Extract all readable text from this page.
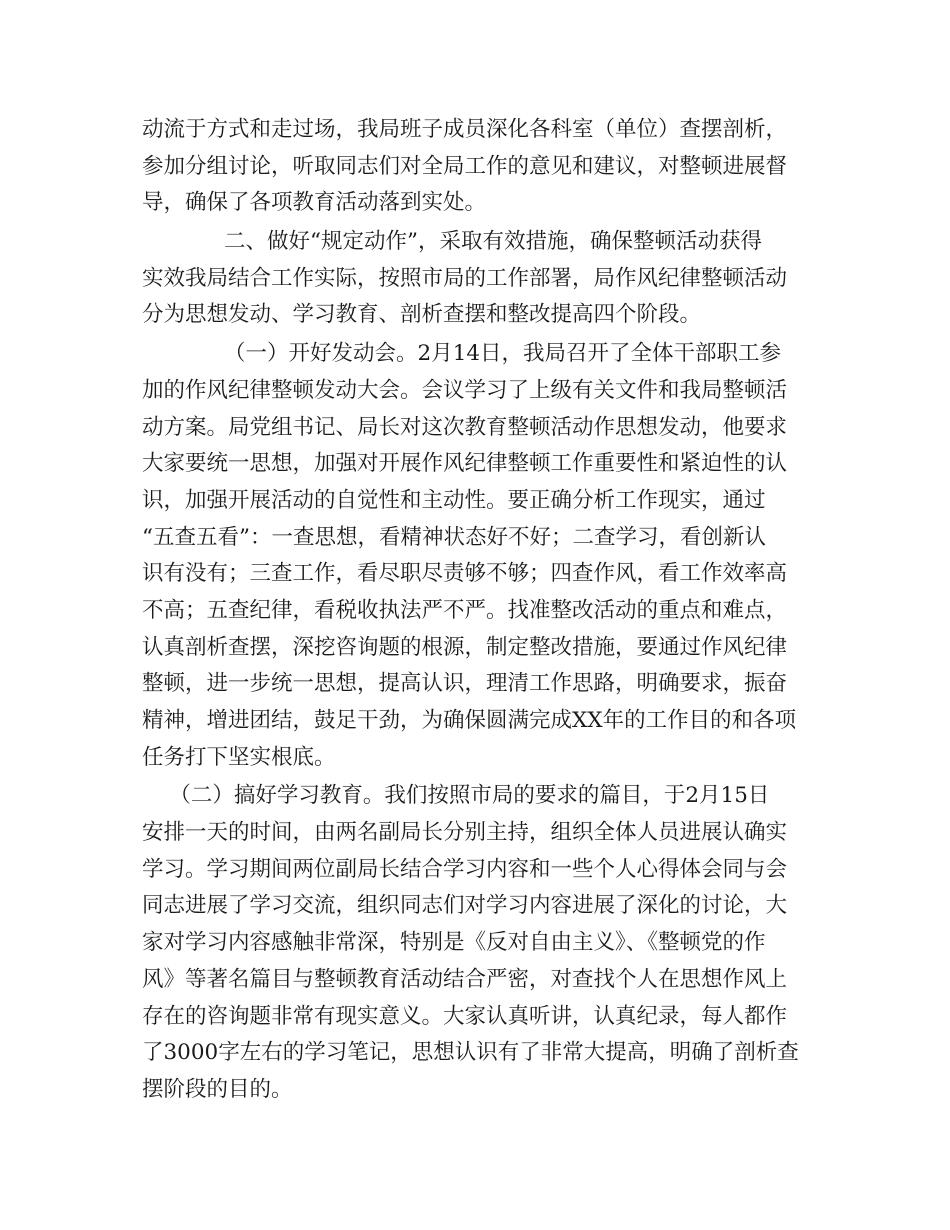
动流于方式和走过场，我局班子成员深化各科室（单位）查摆剖析，
参加分组讨论，听取同志们对全局工作的意见和建议，对整顿进展督
导，确保了各项教育活动落到实处。
二、做好“规定动作”，采取有效措施，确保整顿活动获得
实效我局结合工作实际，按照市局的工作部署，局作风纪律整顿活动
分为思想发动、学习教育、剖析查摆和整改提高四个阶段。
（一）开好发动会。2月14日，我局召开了全体干部职工参
加的作风纪律整顿发动大会。会议学习了上级有关文件和我局整顿活
动方案。局党组书记、局长对这次教育整顿活动作思想发动，他要求
大家要统一思想，加强对开展作风纪律整顿工作重要性和紧迫性的认
识，加强开展活动的自觉性和主动性。要正确分析工作现实，通过
“五查五看”：一查思想，看精神状态好不好；二查学习，看创新认
识有没有；三查工作，看尽职尽责够不够；四查作风，看工作效率高
不高；五查纪律，看税收执法严不严。找准整改活动的重点和难点，
认真剖析查摆，深挖咨询题的根源，制定整改措施，要通过作风纪律
整顿，进一步统一思想，提高认识，理清工作思路，明确要求，振奋
精神，增进团结，鼓足干劲，为确保圆满完成XX年的工作目的和各项
任务打下坚实根底。
（二）搞好学习教育。我们按照市局的要求的篇目，于2月15日
安排一天的时间，由两名副局长分别主持，组织全体人员进展认确实
学习。学习期间两位副局长结合学习内容和一些个人心得体会同与会
同志进展了学习交流，组织同志们对学习内容进展了深化的讨论，大
家对学习内容感触非常深，特别是《反对自由主义》、《整顿党的作
风》等著名篇目与整顿教育活动结合严密，对查找个人在思想作风上
存在的咨询题非常有现实意义。大家认真听讲，认真纪录，每人都作
了3000字左右的学习笔记，思想认识有了非常大提高，明确了剖析查
摆阶段的目的。
